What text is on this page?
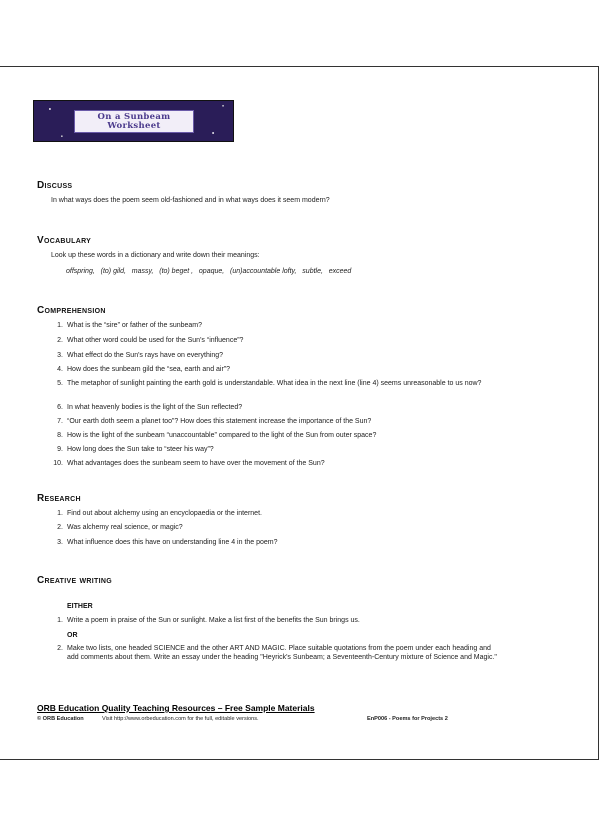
On a Sunbeam
Worksheet
Discuss
In what ways does the poem seem old-fashioned and in what ways does it seem modern?
Vocabulary
Look up these words in a dictionary and write down their meanings:
offspring,   (to) gild,   massy,   (to) beget ,   opaque,   (un)accountable lofty,   subtle,   exceed
Comprehension
1. What is the “sire” or father of the sunbeam?
2. What other word could be used for the Sun's “influence”?
3. What effect do the Sun's rays have on everything?
4. How does the sunbeam gild the “sea, earth and air”?
5. The metaphor of sunlight painting the earth gold is understandable. What idea in the next line (line 4) seems unreasonable to us now?
6. In what heavenly bodies is the light of the Sun reflected?
7. “Our earth doth seem a planet too”? How does this statement increase the importance of the Sun?
8. How is the light of the sunbeam “unaccountable” compared to the light of the Sun from outer space?
9. How long does the Sun take to “steer his way”?
10. What advantages does the sunbeam seem to have over the movement of the Sun?
Research
1. Find out about alchemy using an encyclopaedia or the internet.
2. Was alchemy real science, or magic?
3. What influence does this have on understanding line 4 in the poem?
Creative writing
EITHER
1. Write a poem in praise of the Sun or sunlight. Make a list first of the benefits the Sun brings us.
OR
2. Make two lists, one headed SCIENCE and the other ART AND MAGIC. Place suitable quotations from the poem under each heading and add comments about them. Write an essay under the heading "Heyrick's Sunbeam; a Seventeenth-Century mixture of Science and Magic."
ORB Education Quality Teaching Resources – Free Sample Materials
© ORB Education	Visit http://www.orbeducation.com for the full, editable versions.	EnP006 - Poems for Projects 2
